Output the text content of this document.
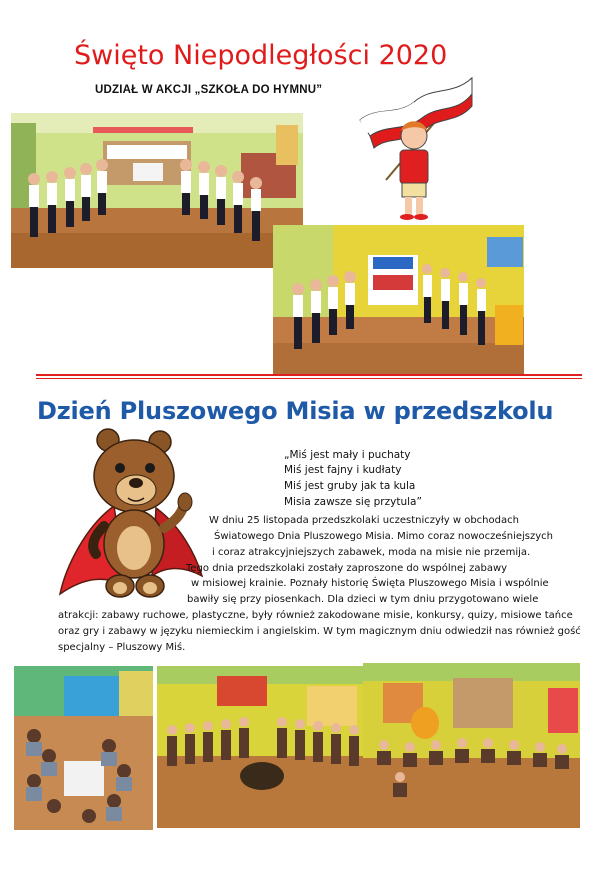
Święto Niepodległości 2020
UDZIAŁ W AKCJI „SZKOŁA DO HYMNU”
Dzień Pluszowego Misia w przedszkolu
„Miś jest mały i puchaty
Miś jest fajny i kudłaty
Miś jest gruby jak ta kula
Misia zawsze się przytula”
W dniu 25 listopada przedszkolaki uczestniczyły w obchodach
Światowego Dnia Pluszowego Misia. Mimo coraz nowocześniejszych
i coraz atrakcyjniejszych zabawek, moda na misie nie przemija.
Tego dnia przedszkolaki zostały zaproszone do wspólnej zabawy
w misiowej krainie. Poznały historię Święta Pluszowego Misia i wspólnie
bawiły się przy piosenkach. Dla dzieci w tym dniu przygotowano wiele
atrakcji: zabawy ruchowe, plastyczne, były również zakodowane misie, konkursy, quizy, misiowe tańce
oraz gry i zabawy w języku niemieckim i angielskim. W tym magicznym dniu odwiedził nas również gość
specjalny – Pluszowy Miś.
